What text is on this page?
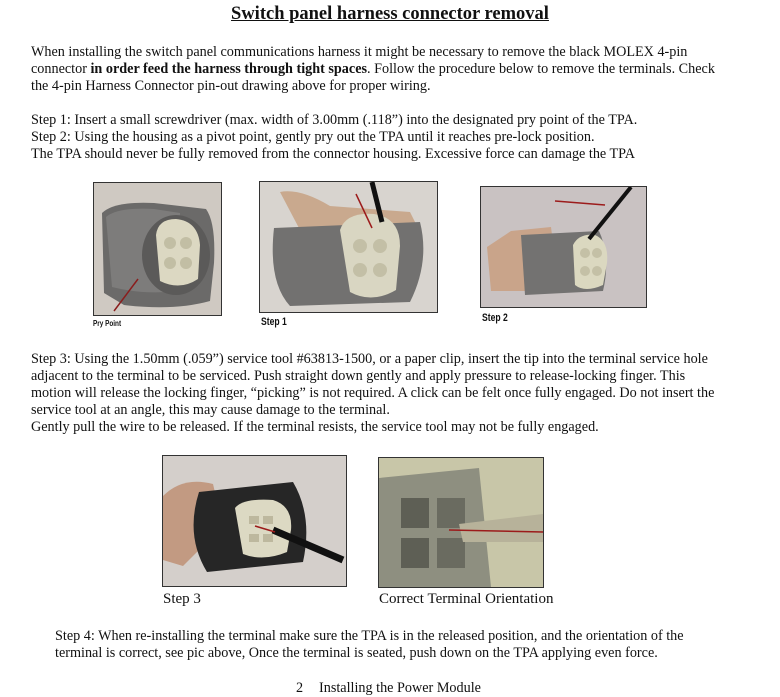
Switch panel harness connector removal
When installing the switch panel communications harness it might be necessary to remove the black MOLEX 4-pin
connector in order feed the harness through tight spaces. Follow the procedure below to remove the terminals. Check
the 4-pin Harness Connector pin-out drawing above for proper wiring.
Step 1: Insert a small screwdriver (max. width of 3.00mm (.118”) into the designated pry point of the TPA.
Step 2: Using the housing as a pivot point, gently pry out the TPA until it reaches pre-lock position.
The TPA should never be fully removed from the connector housing. Excessive force can damage the TPA
Pry Point	Step 1	Step 2
Step 3: Using the 1.50mm (.059”) service tool #63813-1500, or a paper clip, insert the tip into the terminal service hole
adjacent to the terminal to be serviced. Push straight down gently and apply pressure to release-locking finger. This
motion will release the locking finger, “picking” is not required. A click can be felt once fully engaged. Do not insert the
service tool at an angle, this may cause damage to the terminal.
Gently pull the wire to be released. If the terminal resists, the service tool may not be fully engaged.
Step 3	Correct Terminal Orientation
Step 4: When re-installing the terminal make sure the TPA is in the released position, and the orientation of the
terminal is correct, see pic above, Once the terminal is seated, push down on the TPA applying even force.
2 Installing the Power Module
